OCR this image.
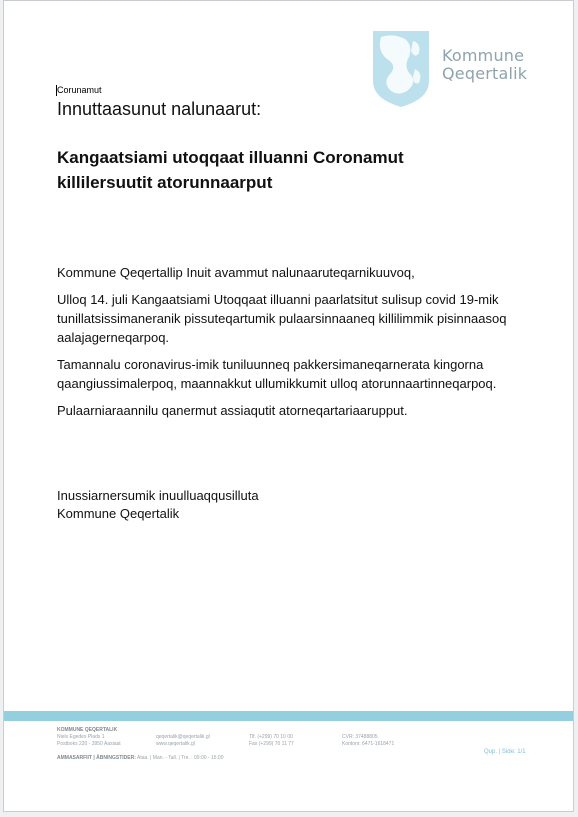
Kommune
Qeqertalik
Corunamut
Innuttaasunut nalunaarut:
Kangaatsiami utoqqaat illuanni Coronamut
killilersuutit atorunnaarput

Kommune Qeqertallip Inuit avammut nalunaaruteqarnikuuvoq,

Ulloq 14. juli Kangaatsiami Utoqqaat illuanni paarlatsitut sulisup covid 19-mik tunillatsissimaneranik pissuteqartumik pulaarsinnaaneq killilimmik pisinnaasoq aalajagerneqarpoq.

Tamannalu coronavirus-imik tuniluunneq pakkersimaneqarnerata kingorna qaangiussimalerpoq, maannakkut ullumikkumit ulloq atorunnaartinneqarpoq.

Pulaarniaraannilu qanermut assiaqutit atorneqartariaarupput.

Inussiarnersumik inuulluaqqusilluta
Kommune Qeqertalik
KOMMUNE QEQERTALIK
Niels Egedes Plads 1
Postboks 220 - 3950 Aasiaat
qeqertalik@qeqertalik.gl
www.qeqertalik.gl
Tlf. (+299) 70 10 00
Fax (+299) 70 11 77
CVR: 37488805
Kontonr. 6471-1618471
AMMASARFIIT | ÅBNINGSTIDER: Ataa. | Man. - Tall. | Tre. : 09:00 - 15:00
Qup. | Side: 1/1
